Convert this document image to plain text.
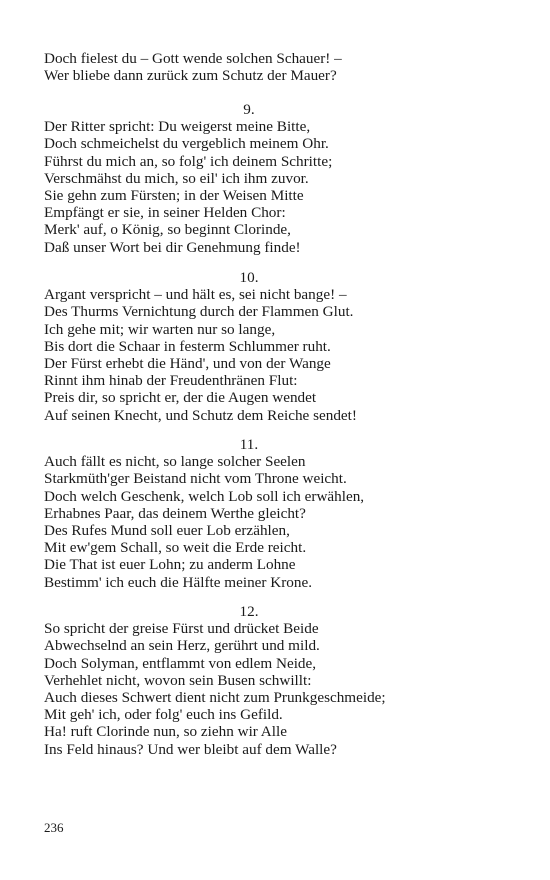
Doch fielest du – Gott wende solchen Schauer! –
Wer bliebe dann zurück zum Schutz der Mauer?
9.
Der Ritter spricht: Du weigerst meine Bitte,
Doch schmeichelst du vergeblich meinem Ohr.
Führst du mich an, so folg' ich deinem Schritte;
Verschmähst du mich, so eil' ich ihm zuvor.
Sie gehn zum Fürsten; in der Weisen Mitte
Empfängt er sie, in seiner Helden Chor:
Merk' auf, o König, so beginnt Clorinde,
Daß unser Wort bei dir Genehmung finde!
10.
Argant verspricht – und hält es, sei nicht bange! –
Des Thurms Vernichtung durch der Flammen Glut.
Ich gehe mit; wir warten nur so lange,
Bis dort die Schaar in festerm Schlummer ruht.
Der Fürst erhebt die Händ', und von der Wange
Rinnt ihm hinab der Freudenthränen Flut:
Preis dir, so spricht er, der die Augen wendet
Auf seinen Knecht, und Schutz dem Reiche sendet!
11.
Auch fällt es nicht, so lange solcher Seelen
Starkmüth'ger Beistand nicht vom Throne weicht.
Doch welch Geschenk, welch Lob soll ich erwählen,
Erhabnes Paar, das deinem Werthe gleicht?
Des Rufes Mund soll euer Lob erzählen,
Mit ew'gem Schall, so weit die Erde reicht.
Die That ist euer Lohn; zu anderm Lohne
Bestimm' ich euch die Hälfte meiner Krone.
12.
So spricht der greise Fürst und drücket Beide
Abwechselnd an sein Herz, gerührt und mild.
Doch Solyman, entflammt von edlem Neide,
Verhehlet nicht, wovon sein Busen schwillt:
Auch dieses Schwert dient nicht zum Prunkgeschmeide;
Mit geh' ich, oder folg' euch ins Gefild.
Ha! ruft Clorinde nun, so ziehn wir Alle
Ins Feld hinaus? Und wer bleibt auf dem Walle?
236
